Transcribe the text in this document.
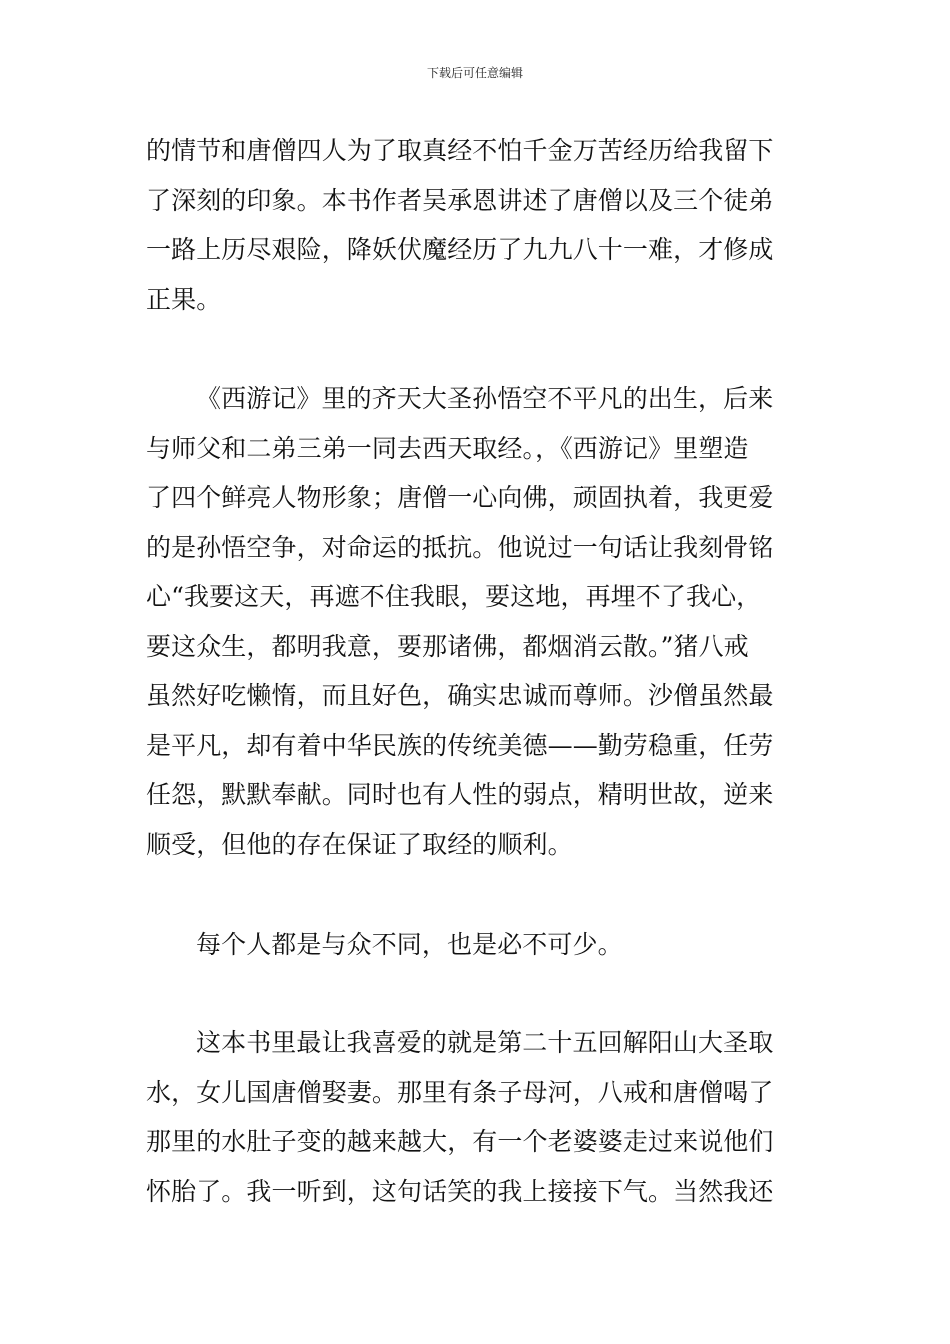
下载后可任意编辑
的情节和唐僧四人为了取真经不怕千金万苦经历给我留下
了深刻的印象。本书作者吴承恩讲述了唐僧以及三个徒弟
一路上历尽艰险，降妖伏魔经历了九九八十一难，才修成
正果。
《西游记》里的齐天大圣孙悟空不平凡的出生，后来
与师父和二弟三弟一同去西天取经。，《西游记》里塑造
了四个鲜亮人物形象；唐僧一心向佛，顽固执着，我更爱
的是孙悟空争，对命运的抵抗。他说过一句话让我刻骨铭
心“我要这天，再遮不住我眼，要这地，再埋不了我心，
要这众生，都明我意，要那诸佛，都烟消云散。”猪八戒
虽然好吃懒惰，而且好色，确实忠诚而尊师。沙僧虽然最
是平凡，却有着中华民族的传统美德——勤劳稳重，任劳
任怨，默默奉献。同时也有人性的弱点，精明世故，逆来
顺受，但他的存在保证了取经的顺利。
每个人都是与众不同，也是必不可少。
这本书里最让我喜爱的就是第二十五回解阳山大圣取
水，女儿国唐僧娶妻。那里有条子母河，八戒和唐僧喝了
那里的水肚子变的越来越大，有一个老婆婆走过来说他们
怀胎了。我一听到，这句话笑的我上接接下气。当然我还
